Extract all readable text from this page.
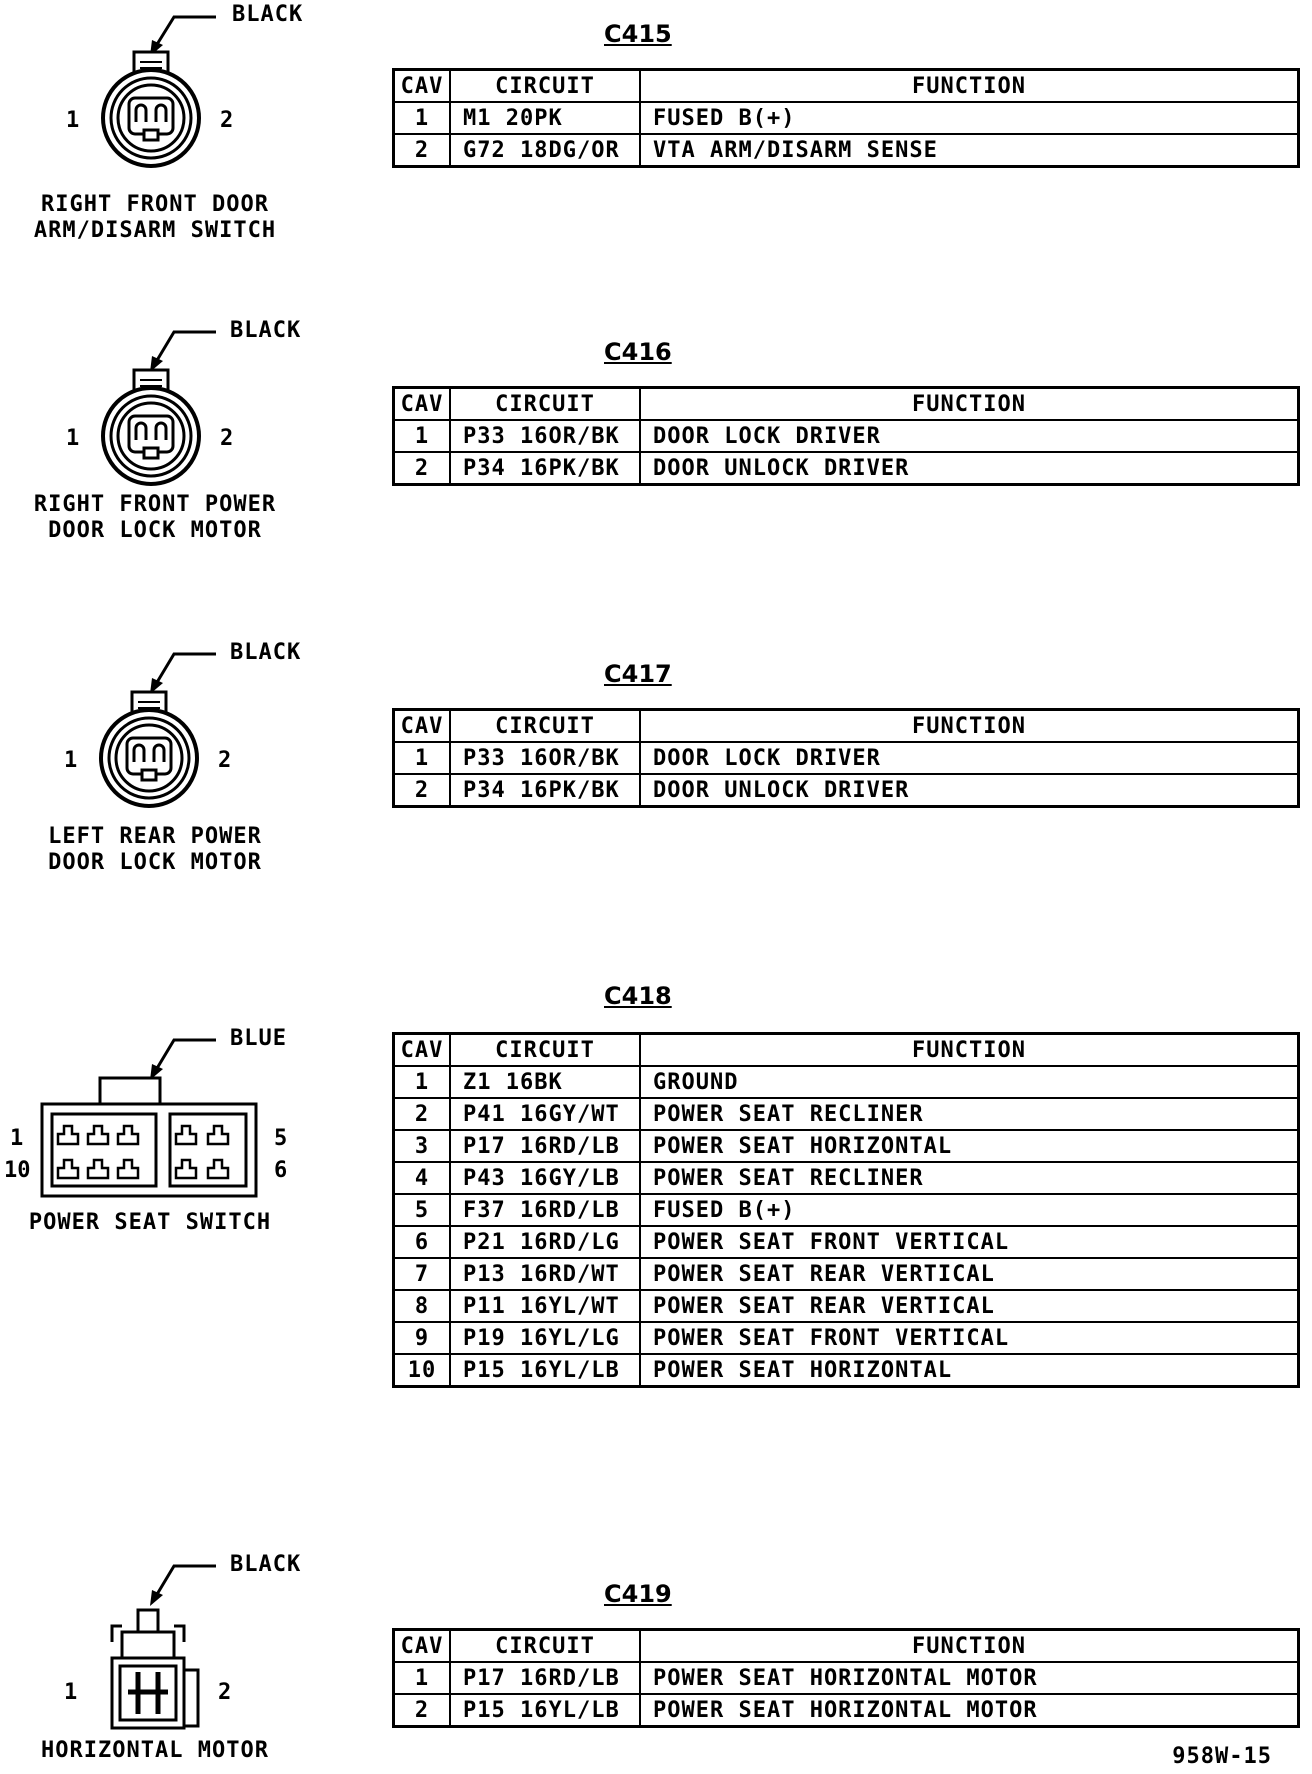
BLACK
1	2
RIGHT FRONT DOOR
ARM/DISARM SWITCH
C415
CAV	CIRCUIT	FUNCTION
1	M1 20PK	FUSED B(+)
2	G72 18DG/OR	VTA ARM/DISARM SENSE
BLACK
1	2
RIGHT FRONT POWER
DOOR LOCK MOTOR
C416
CAV	CIRCUIT	FUNCTION
1	P33 16OR/BK	DOOR LOCK DRIVER
2	P34 16PK/BK	DOOR UNLOCK DRIVER
BLACK
1	2
LEFT REAR POWER
DOOR LOCK MOTOR
C417
CAV	CIRCUIT	FUNCTION
1	P33 16OR/BK	DOOR LOCK DRIVER
2	P34 16PK/BK	DOOR UNLOCK DRIVER
BLUE
1
10
5
6
POWER SEAT SWITCH
C418
CAV	CIRCUIT	FUNCTION
1	Z1 16BK	GROUND
2	P41 16GY/WT	POWER SEAT RECLINER
3	P17 16RD/LB	POWER SEAT HORIZONTAL
4	P43 16GY/LB	POWER SEAT RECLINER
5	F37 16RD/LB	FUSED B(+)
6	P21 16RD/LG	POWER SEAT FRONT VERTICAL
7	P13 16RD/WT	POWER SEAT REAR VERTICAL
8	P11 16YL/WT	POWER SEAT REAR VERTICAL
9	P19 16YL/LG	POWER SEAT FRONT VERTICAL
10	P15 16YL/LB	POWER SEAT HORIZONTAL
BLACK
1	2
HORIZONTAL MOTOR
C419
CAV	CIRCUIT	FUNCTION
1	P17 16RD/LB	POWER SEAT HORIZONTAL MOTOR
2	P15 16YL/LB	POWER SEAT HORIZONTAL MOTOR
958W-15
